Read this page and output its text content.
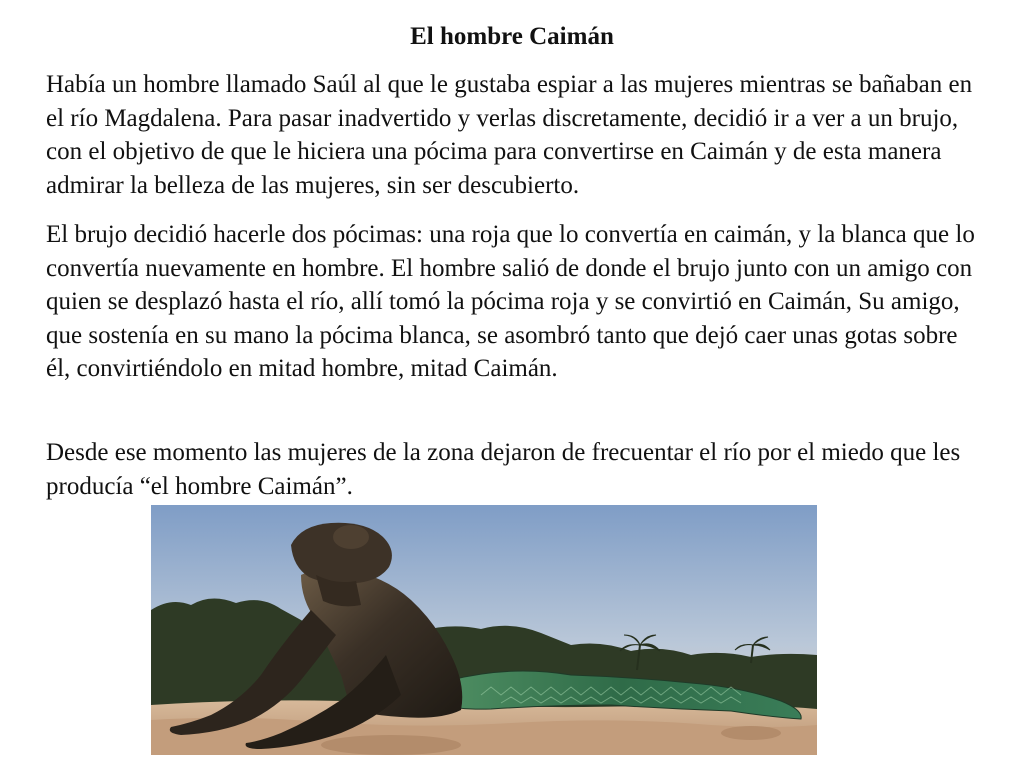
El hombre Caimán

Había un hombre llamado Saúl al que le gustaba espiar a las mujeres mientras se bañaban en el río Magdalena. Para pasar inadvertido y verlas discretamente, decidió ir a ver a un brujo, con el objetivo de que le hiciera una pócima para convertirse en Caimán y de esta manera admirar la belleza de las mujeres, sin ser descubierto.

El brujo decidió hacerle dos pócimas: una roja que lo convertía en caimán, y la blanca que lo convertía nuevamente en hombre. El hombre salió de donde el brujo junto con un amigo con quien se desplazó hasta el río, allí tomó la pócima roja y se convirtió en Caimán, Su amigo, que sostenía en su mano la pócima blanca, se asombró tanto que dejó caer unas gotas sobre él, convirtiéndolo en mitad hombre, mitad Caimán.

Desde ese momento las mujeres de la zona dejaron de frecuentar el río por el miedo que les producía “el hombre Caimán”.
